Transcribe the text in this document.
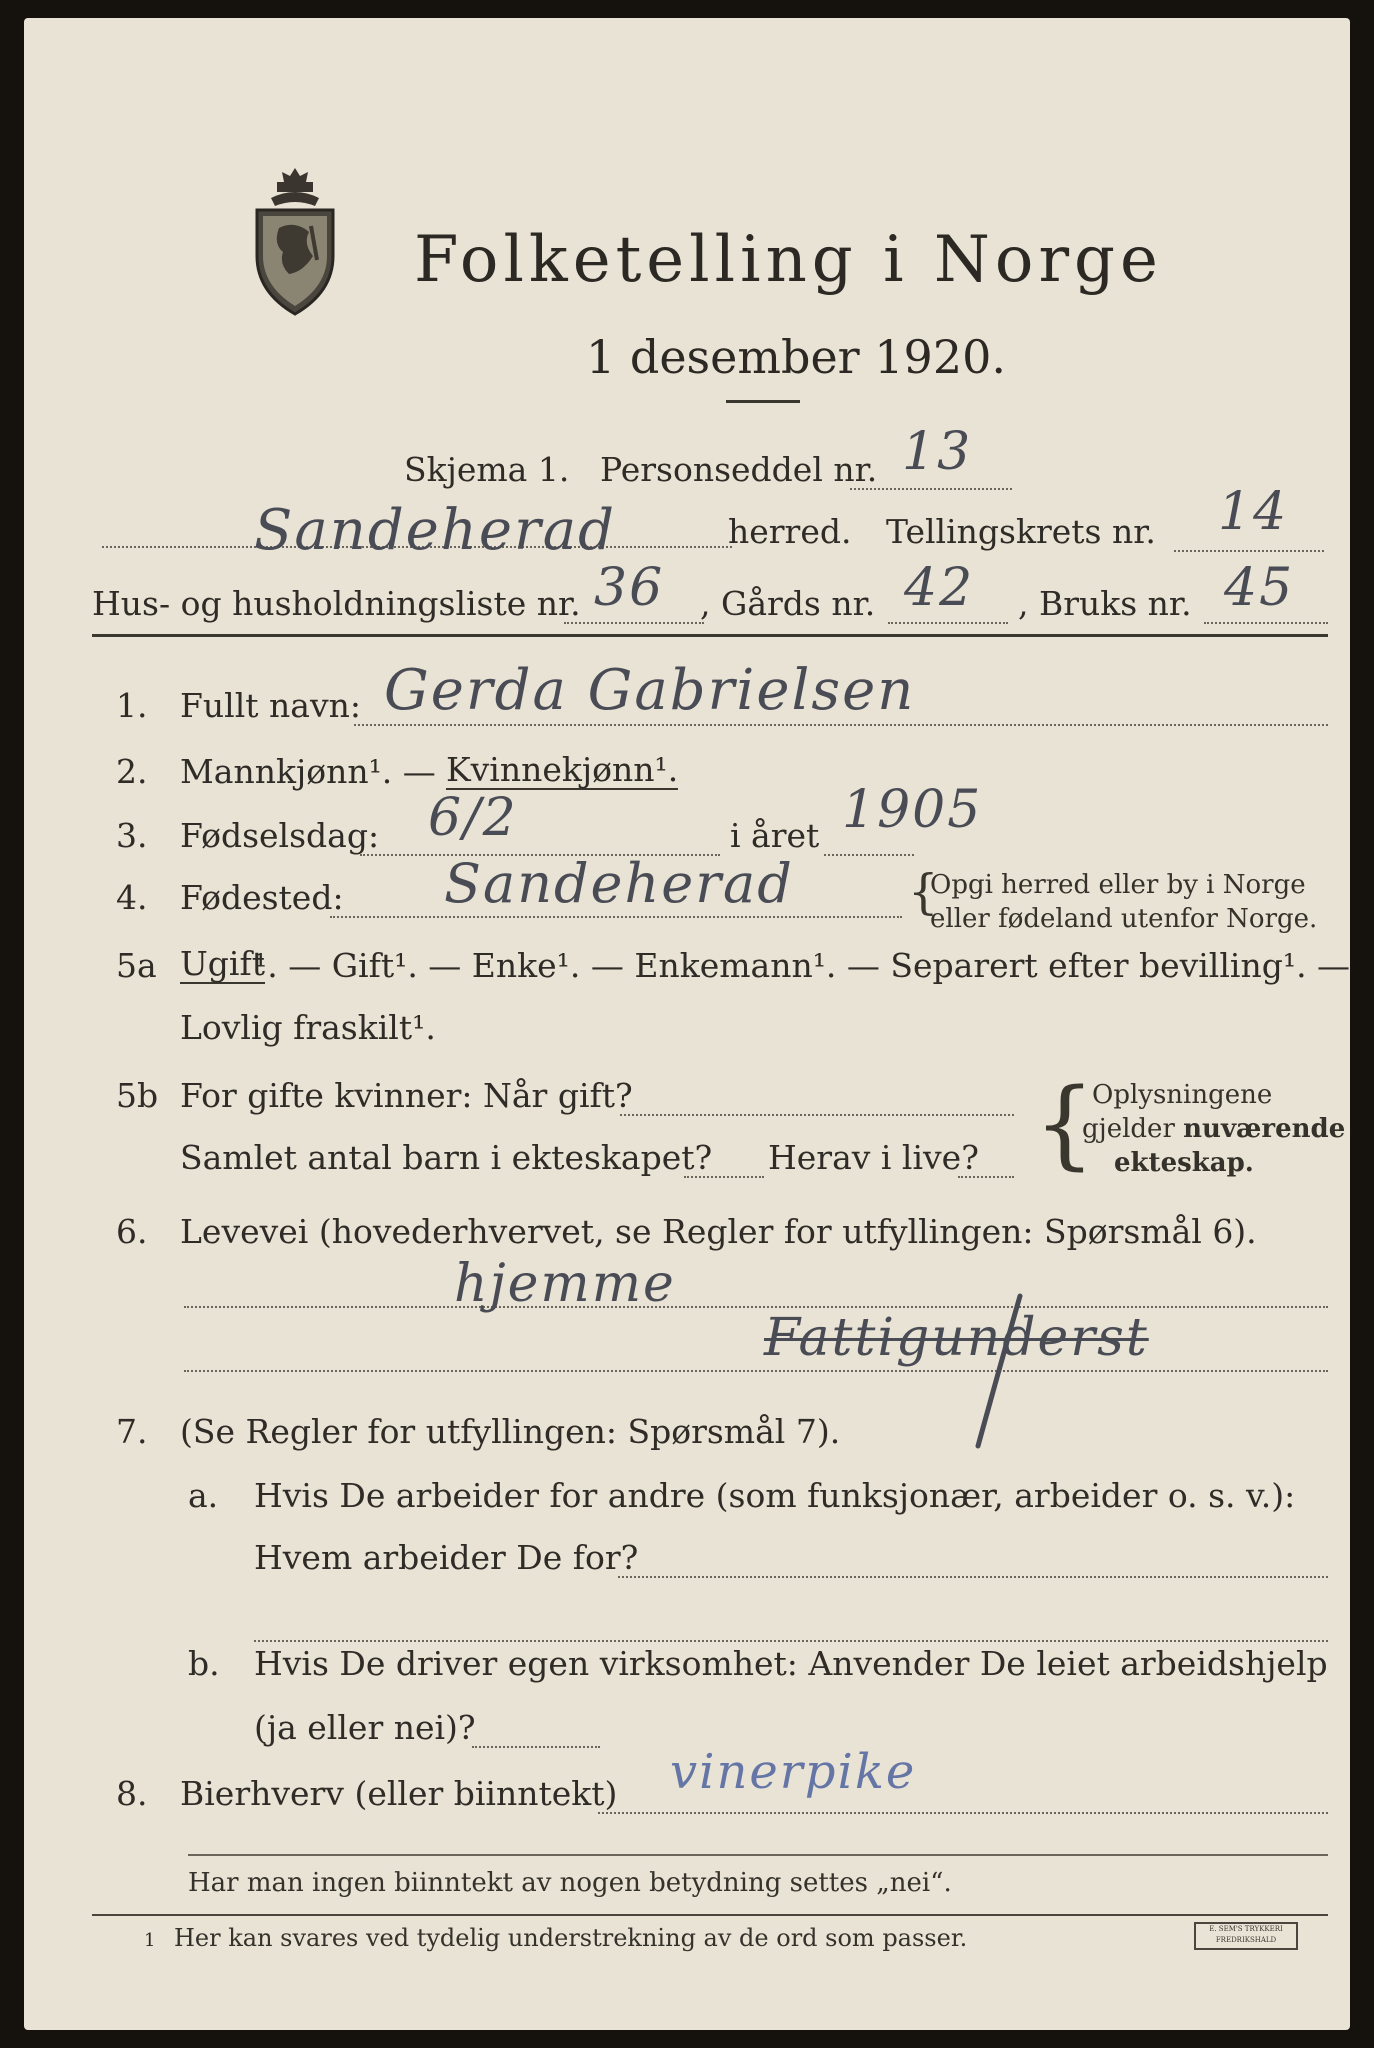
Folketelling i Norge
1 desember 1920.
Skjema 1. Personseddel nr. 13
Sandeherad	herred. Tellingskrets nr. 14
Hus- og husholdningsliste nr. 36 , Gårds nr. 42 , Bruks nr. 45
1. Fullt navn: Gerda Gabrielsen
2. Mannkjønn¹. — Kvinnekjønn¹.
3. Fødselsdag: 6/2	i året 1905
4. Fødested: Sandeherad {
Opgi herred eller by i Norge
eller fødeland utenfor Norge.
5a Ugift
¹. — Gift¹. — Enke¹. — Enkemann¹. — Separert efter bevilling¹. —
Lovlig fraskilt¹.
5b For gifte kvinner: Når gift?
Samlet antal barn i ekteskapet? Herav i live? {
Oplysningene
gjelder nuværende
ekteskap.
6. Levevei (hovederhvervet, se Regler for utfyllingen: Spørsmål 6).
hjemme
Fattigunderst
7. (Se Regler for utfyllingen: Spørsmål 7).
a. Hvis De arbeider for andre (som funksjonær, arbeider o. s. v.):
Hvem arbeider De for?
b. Hvis De driver egen virksomhet: Anvender De leiet arbeidshjelp
(ja eller nei)?
8. Bierhverv (eller biinntekt) vinerpike
Har man ingen biinntekt av nogen betydning settes „nei“.
1 Her kan svares ved tydelig understrekning av de ord som passer.	E. SEM'S TRYKKERI FREDRIKSHALD
